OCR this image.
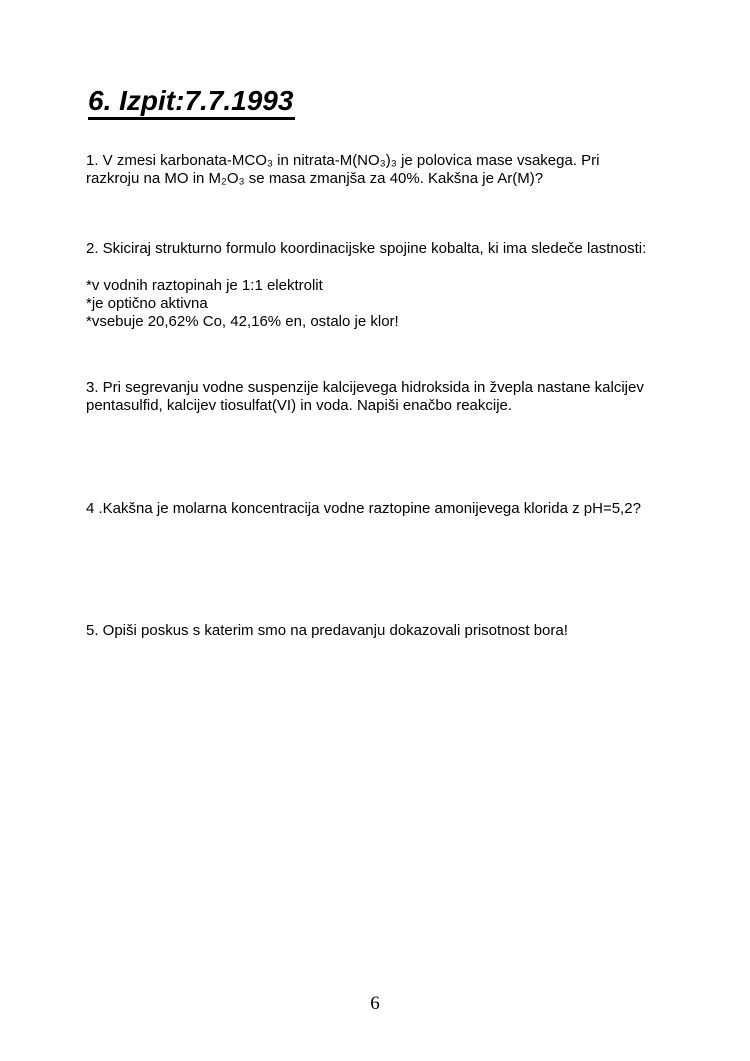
6. Izpit:7.7.1993
1. V zmesi karbonata-MCO₃ in nitrata-M(NO₃)₃ je polovica mase vsakega. Pri
razkroju na MO in M₂O₃ se masa zmanjša za 40%. Kakšna je Ar(M)?
2. Skiciraj strukturno formulo koordinacijske spojine kobalta, ki ima sledeče lastnosti:
*v vodnih raztopinah je 1:1 elektrolit
*je optično aktivna
*vsebuje 20,62% Co, 42,16% en, ostalo je klor!
3. Pri segrevanju vodne suspenzije kalcijevega hidroksida in žvepla nastane kalcijev
pentasulfid, kalcijev tiosulfat(VI) in voda. Napiši enačbo reakcije.
4 .Kakšna je molarna koncentracija vodne raztopine amonijevega klorida z pH=5,2?
5. Opiši poskus s katerim smo na predavanju dokazovali prisotnost bora!
6
